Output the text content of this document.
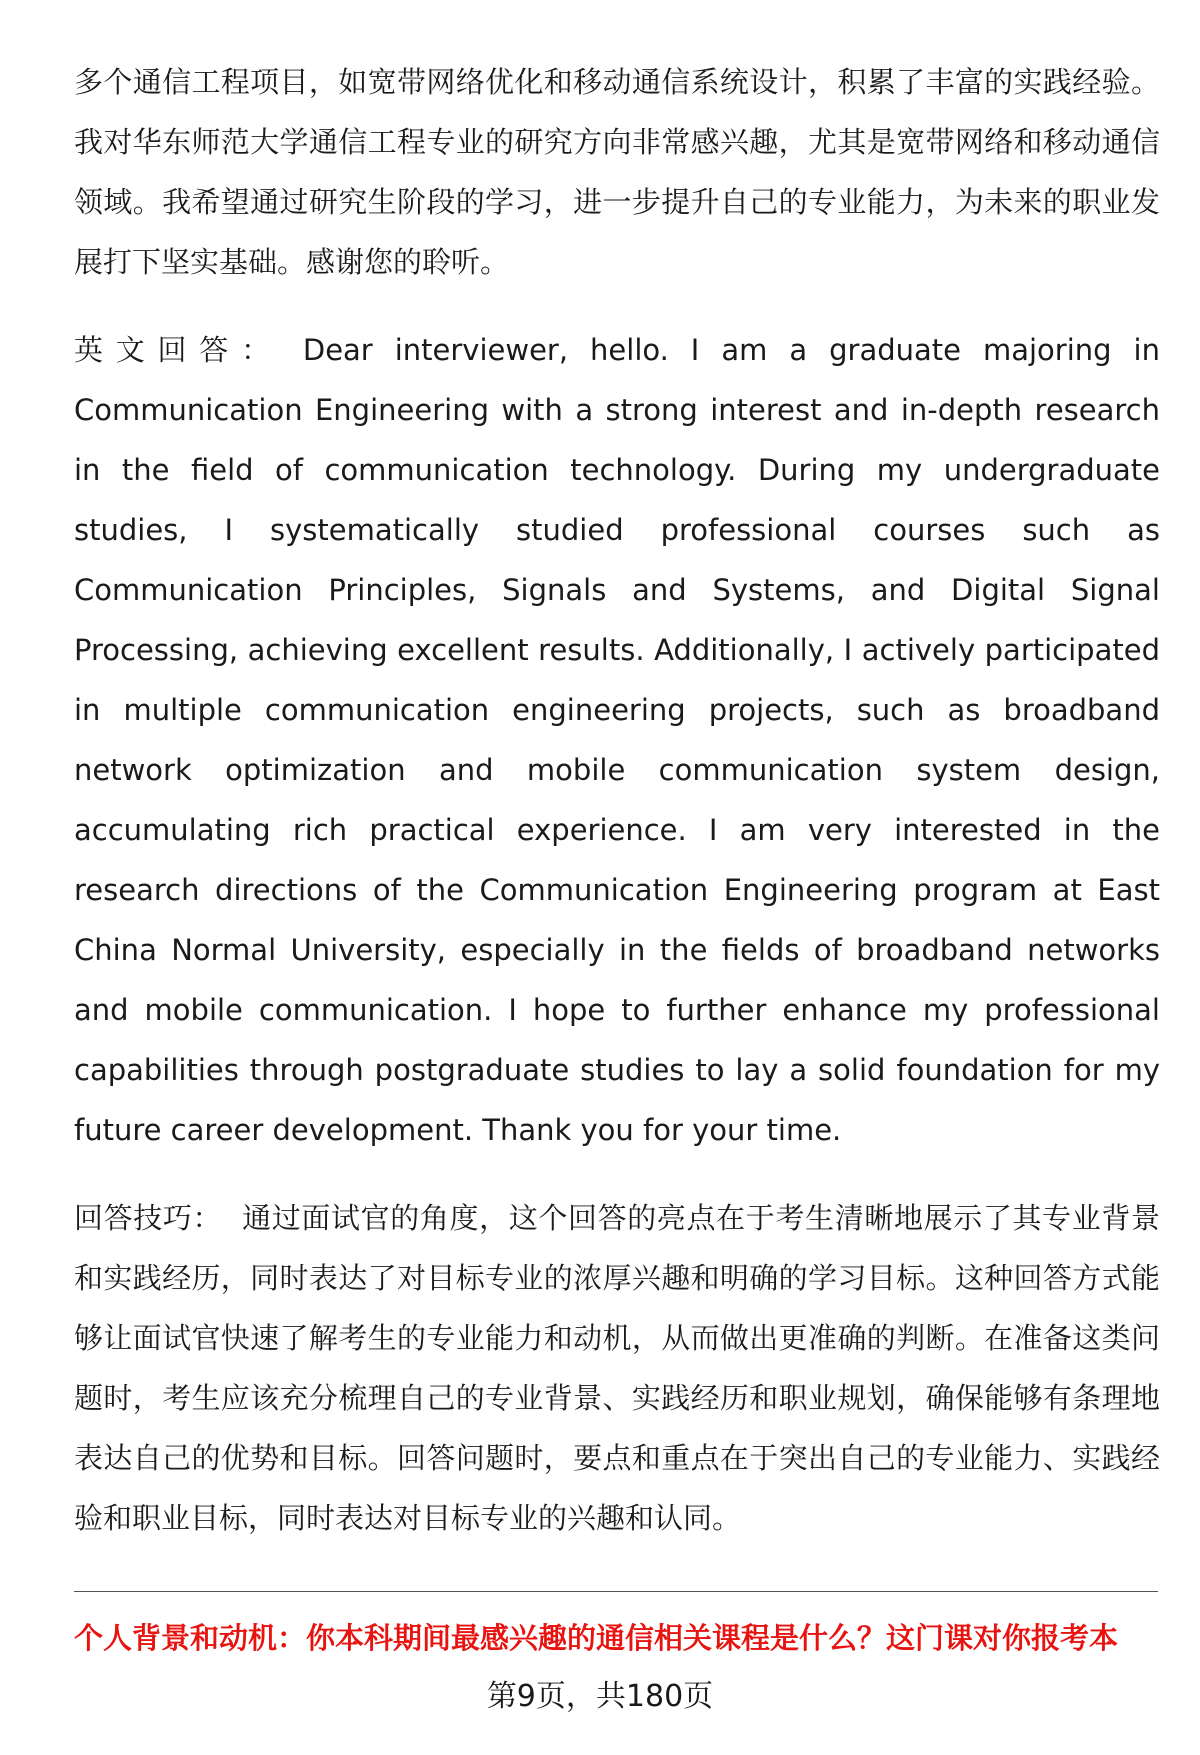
多个通信工程项目，如宽带网络优化和移动通信系统设计，积累了丰富的实践经验。我对华东师范大学通信工程专业的研究方向非常感兴趣，尤其是宽带网络和移动通信领域。我希望通过研究生阶段的学习，进一步提升自己的专业能力，为未来的职业发展打下坚实基础。感谢您的聆听。

英文回答： Dear interviewer, hello. I am a graduate majoring in Communication Engineering with a strong interest and in-depth research in the field of communication technology. During my undergraduate studies, I systematically studied professional courses such as Communication Principles, Signals and Systems, and Digital Signal Processing, achieving excellent results. Additionally, I actively participated in multiple communication engineering projects, such as broadband network optimization and mobile communication system design, accumulating rich practical experience. I am very interested in the research directions of the Communication Engineering program at East China Normal University, especially in the fields of broadband networks and mobile communication. I hope to further enhance my professional capabilities through postgraduate studies to lay a solid foundation for my future career development. Thank you for your time.

回答技巧： 通过面试官的角度，这个回答的亮点在于考生清晰地展示了其专业背景和实践经历，同时表达了对目标专业的浓厚兴趣和明确的学习目标。这种回答方式能够让面试官快速了解考生的专业能力和动机，从而做出更准确的判断。在准备这类问题时，考生应该充分梳理自己的专业背景、实践经历和职业规划，确保能够有条理地表达自己的优势和目标。回答问题时，要点和重点在于突出自己的专业能力、实践经验和职业目标，同时表达对目标专业的兴趣和认同。

个人背景和动机：你本科期间最感兴趣的通信相关课程是什么？这门课对你报考本
第9页，共180页
